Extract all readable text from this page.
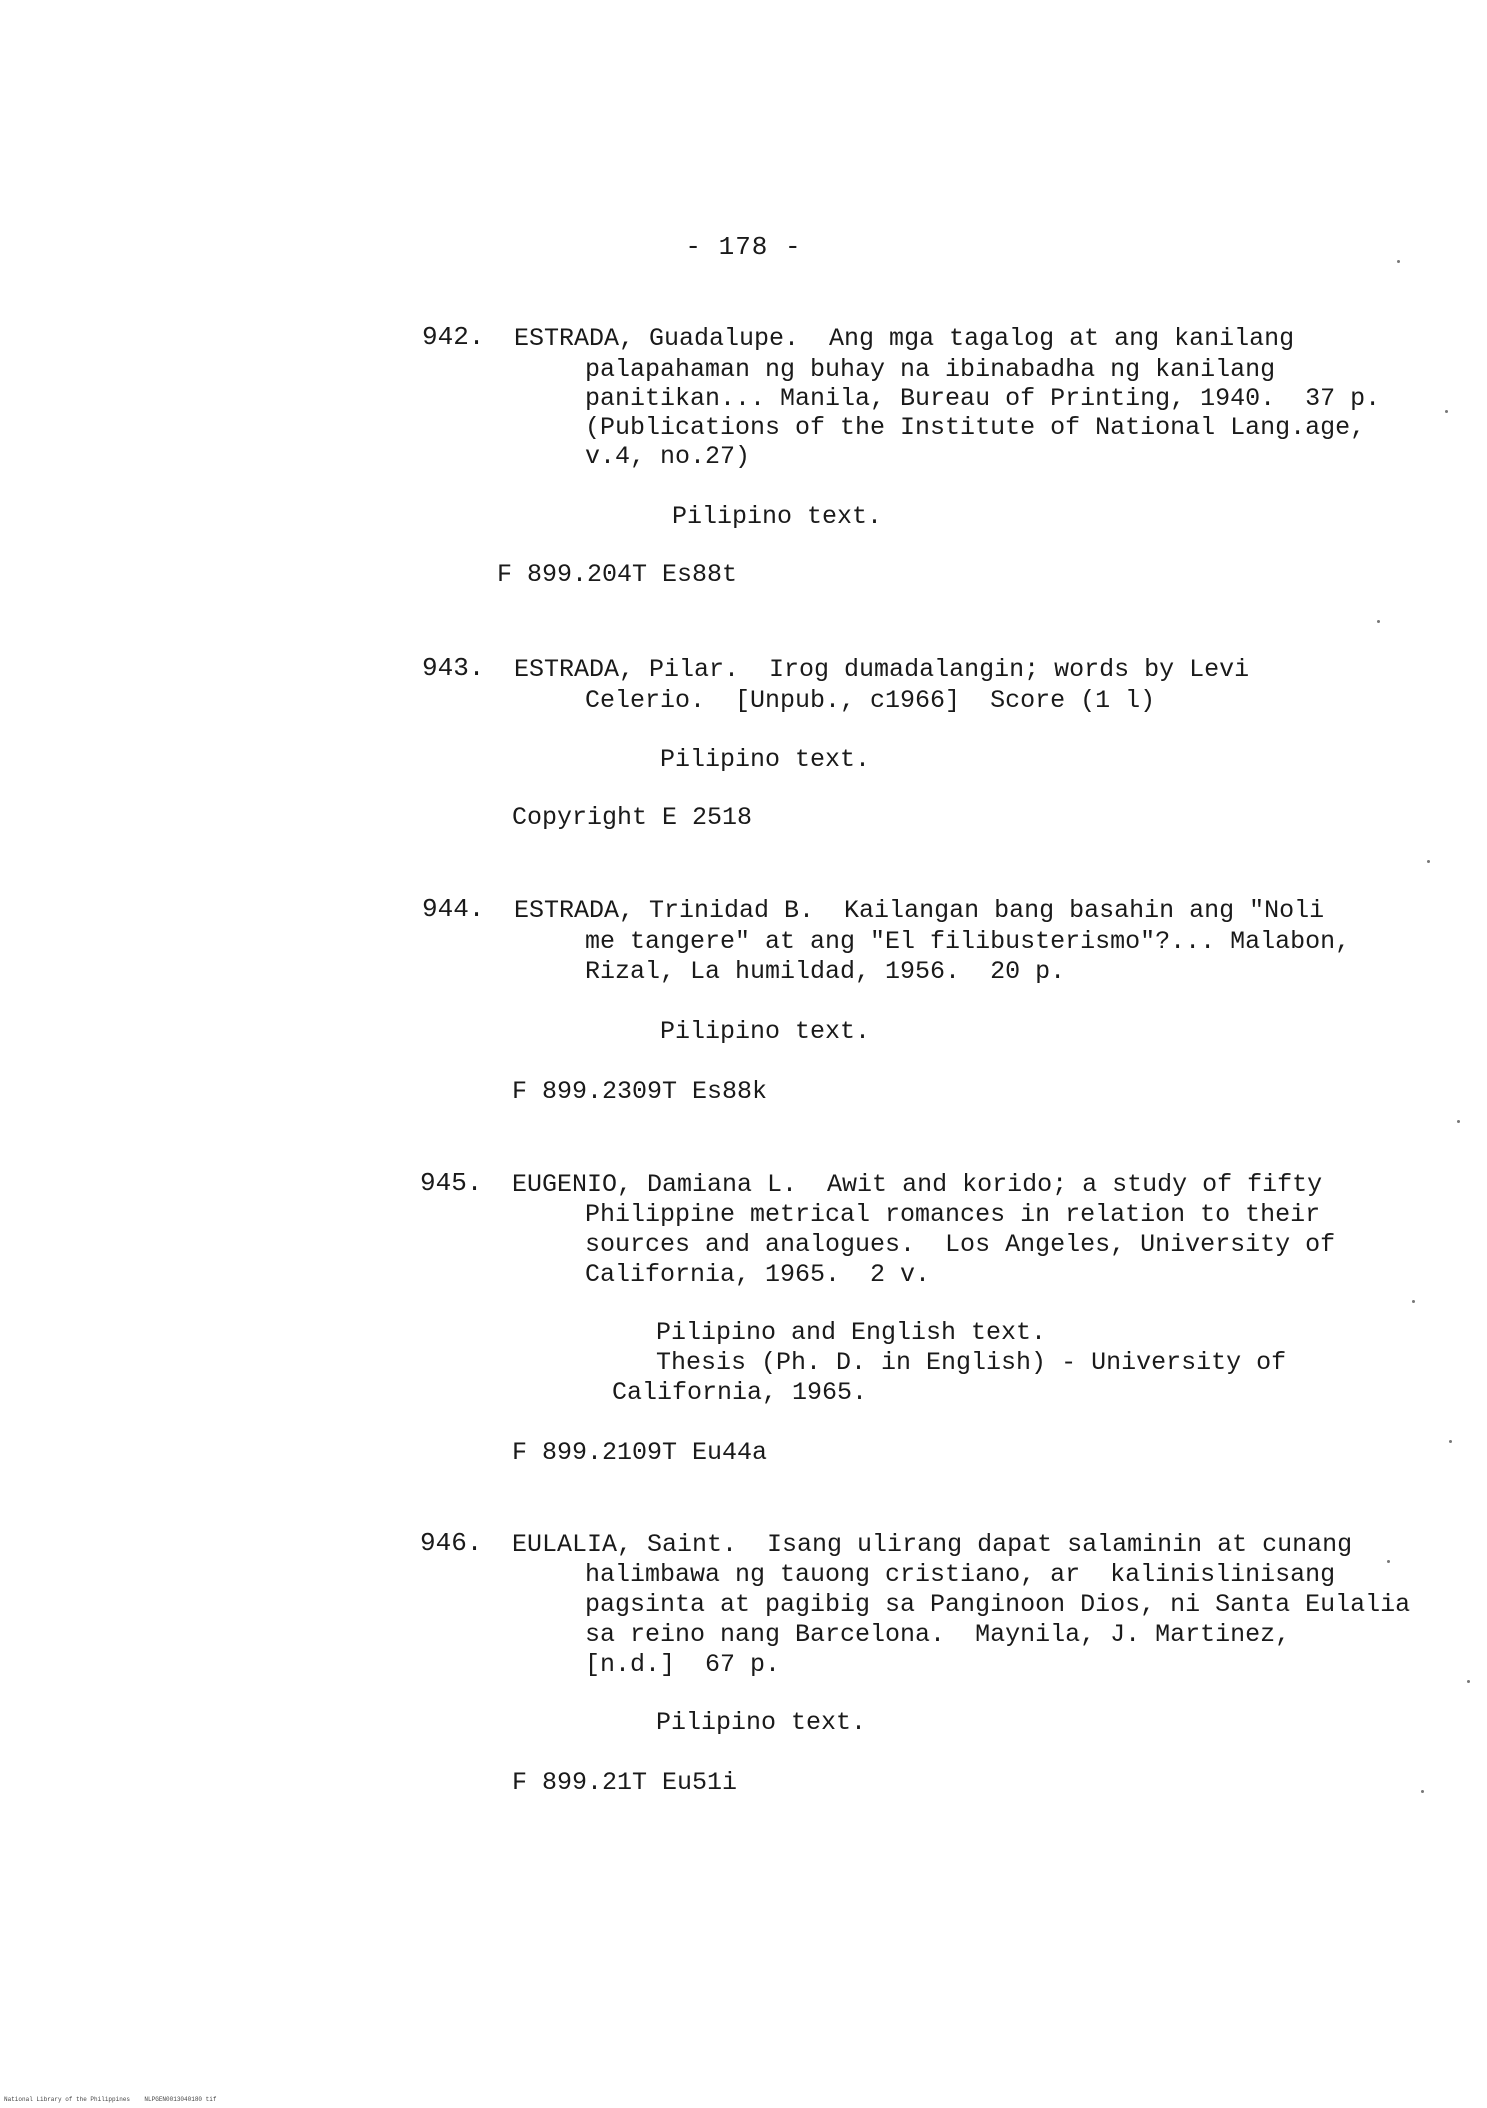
- 178 -
942. ESTRADA, Guadalupe.  Ang mga tagalog at ang kanilang
palapahaman ng buhay na ibinabadha ng kanilang
panitikan... Manila, Bureau of Printing, 1940.  37 p.
(Publications of the Institute of National Lang.age,
v.4, no.27)
Pilipino text.
F 899.204T Es88t
943. ESTRADA, Pilar.  Irog dumadalangin; words by Levi
Celerio.  [Unpub., c1966]  Score (1 l)
Pilipino text.
Copyright E 2518
944. ESTRADA, Trinidad B.  Kailangan bang basahin ang "Noli
me tangere" at ang "El filibusterismo"?... Malabon,
Rizal, La humildad, 1956.  20 p.
Pilipino text.
F 899.2309T Es88k
945. EUGENIO, Damiana L.  Awit and korido; a study of fifty
Philippine metrical romances in relation to their
sources and analogues.  Los Angeles, University of
California, 1965.  2 v.
Pilipino and English text.
Thesis (Ph. D. in English) - University of
California, 1965.
F 899.2109T Eu44a
946. EULALIA, Saint.  Isang ulirang dapat salaminin at cunang
halimbawa ng tauong cristiano, ar  kalinislinisang
pagsinta at pagibig sa Panginoon Dios, ni Santa Eulalia
sa reino nang Barcelona.  Maynila, J. Martinez,
[n.d.]  67 p.
Pilipino text.
F 899.21T Eu51i
National Library of the Philippines    NLPGEN0013040180 tif
